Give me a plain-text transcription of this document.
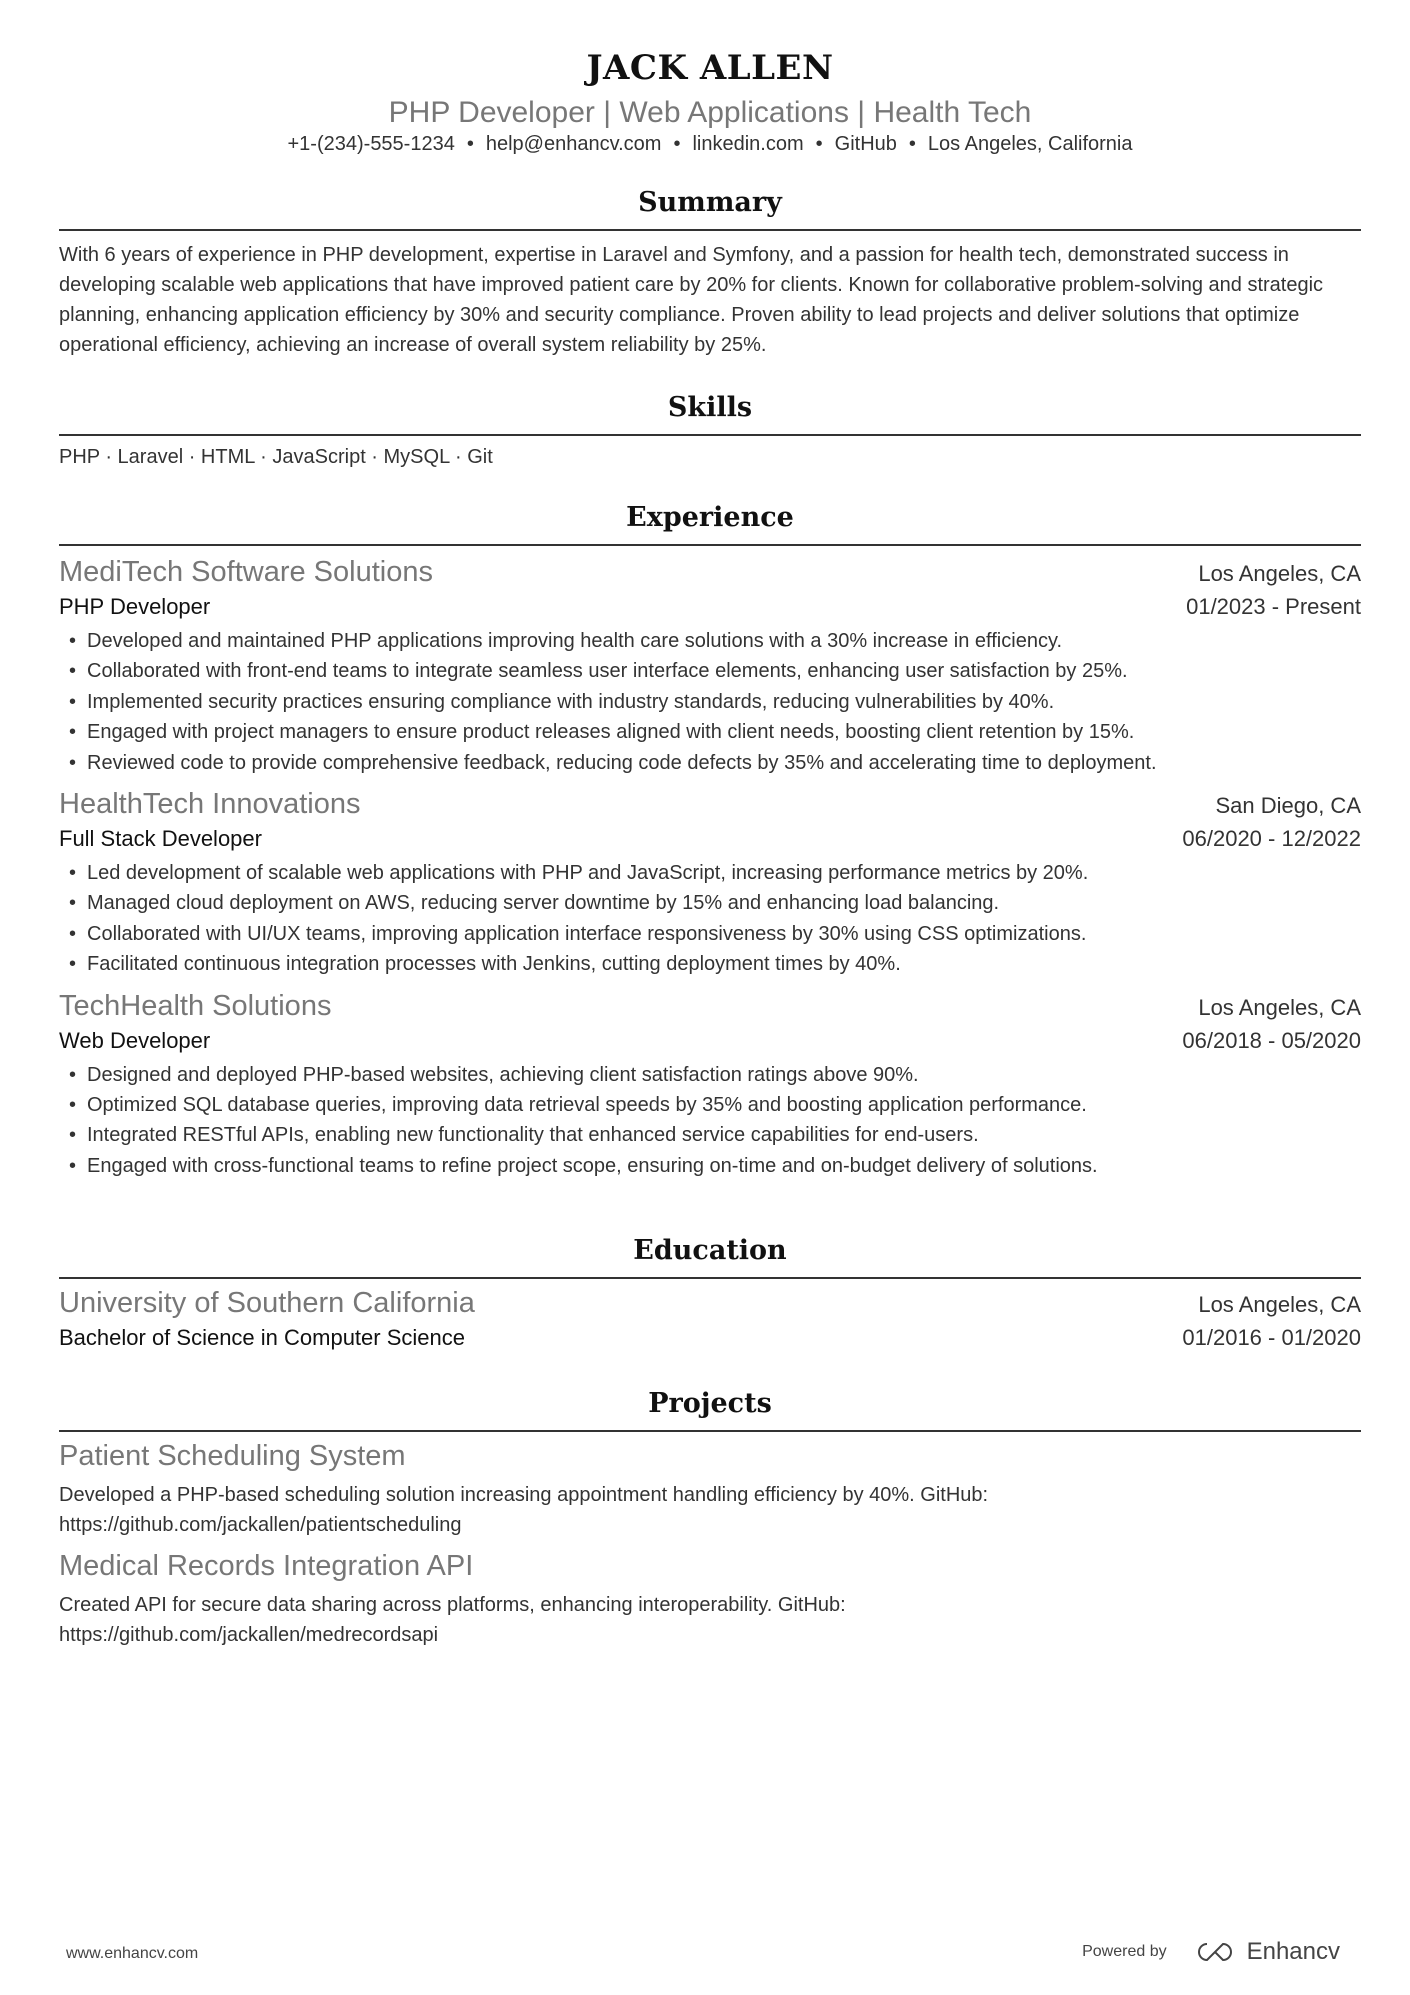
JACK ALLEN
PHP Developer | Web Applications | Health Tech
+1-(234)-555-1234 • help@enhancv.com • linkedin.com • GitHub • Los Angeles, California
Summary
With 6 years of experience in PHP development, expertise in Laravel and Symfony, and a passion for health tech, demonstrated success in developing scalable web applications that have improved patient care by 20% for clients. Known for collaborative problem-solving and strategic planning, enhancing application efficiency by 30% and security compliance. Proven ability to lead projects and deliver solutions that optimize operational efficiency, achieving an increase of overall system reliability by 25%.
Skills
PHP · Laravel · HTML · JavaScript · MySQL · Git
Experience
MediTech Software Solutions	Los Angeles, CA
PHP Developer	01/2023 - Present
• Developed and maintained PHP applications improving health care solutions with a 30% increase in efficiency.
• Collaborated with front-end teams to integrate seamless user interface elements, enhancing user satisfaction by 25%.
• Implemented security practices ensuring compliance with industry standards, reducing vulnerabilities by 40%.
• Engaged with project managers to ensure product releases aligned with client needs, boosting client retention by 15%.
• Reviewed code to provide comprehensive feedback, reducing code defects by 35% and accelerating time to deployment.
HealthTech Innovations	San Diego, CA
Full Stack Developer	06/2020 - 12/2022
• Led development of scalable web applications with PHP and JavaScript, increasing performance metrics by 20%.
• Managed cloud deployment on AWS, reducing server downtime by 15% and enhancing load balancing.
• Collaborated with UI/UX teams, improving application interface responsiveness by 30% using CSS optimizations.
• Facilitated continuous integration processes with Jenkins, cutting deployment times by 40%.
TechHealth Solutions	Los Angeles, CA
Web Developer	06/2018 - 05/2020
• Designed and deployed PHP-based websites, achieving client satisfaction ratings above 90%.
• Optimized SQL database queries, improving data retrieval speeds by 35% and boosting application performance.
• Integrated RESTful APIs, enabling new functionality that enhanced service capabilities for end-users.
• Engaged with cross-functional teams to refine project scope, ensuring on-time and on-budget delivery of solutions.
Education
University of Southern California	Los Angeles, CA
Bachelor of Science in Computer Science	01/2016 - 01/2020
Projects
Patient Scheduling System
Developed a PHP-based scheduling solution increasing appointment handling efficiency by 40%. GitHub: https://github.com/jackallen/patientscheduling
Medical Records Integration API
Created API for secure data sharing across platforms, enhancing interoperability. GitHub: https://github.com/jackallen/medrecordsapi
www.enhancv.com	Powered by	Enhancv
